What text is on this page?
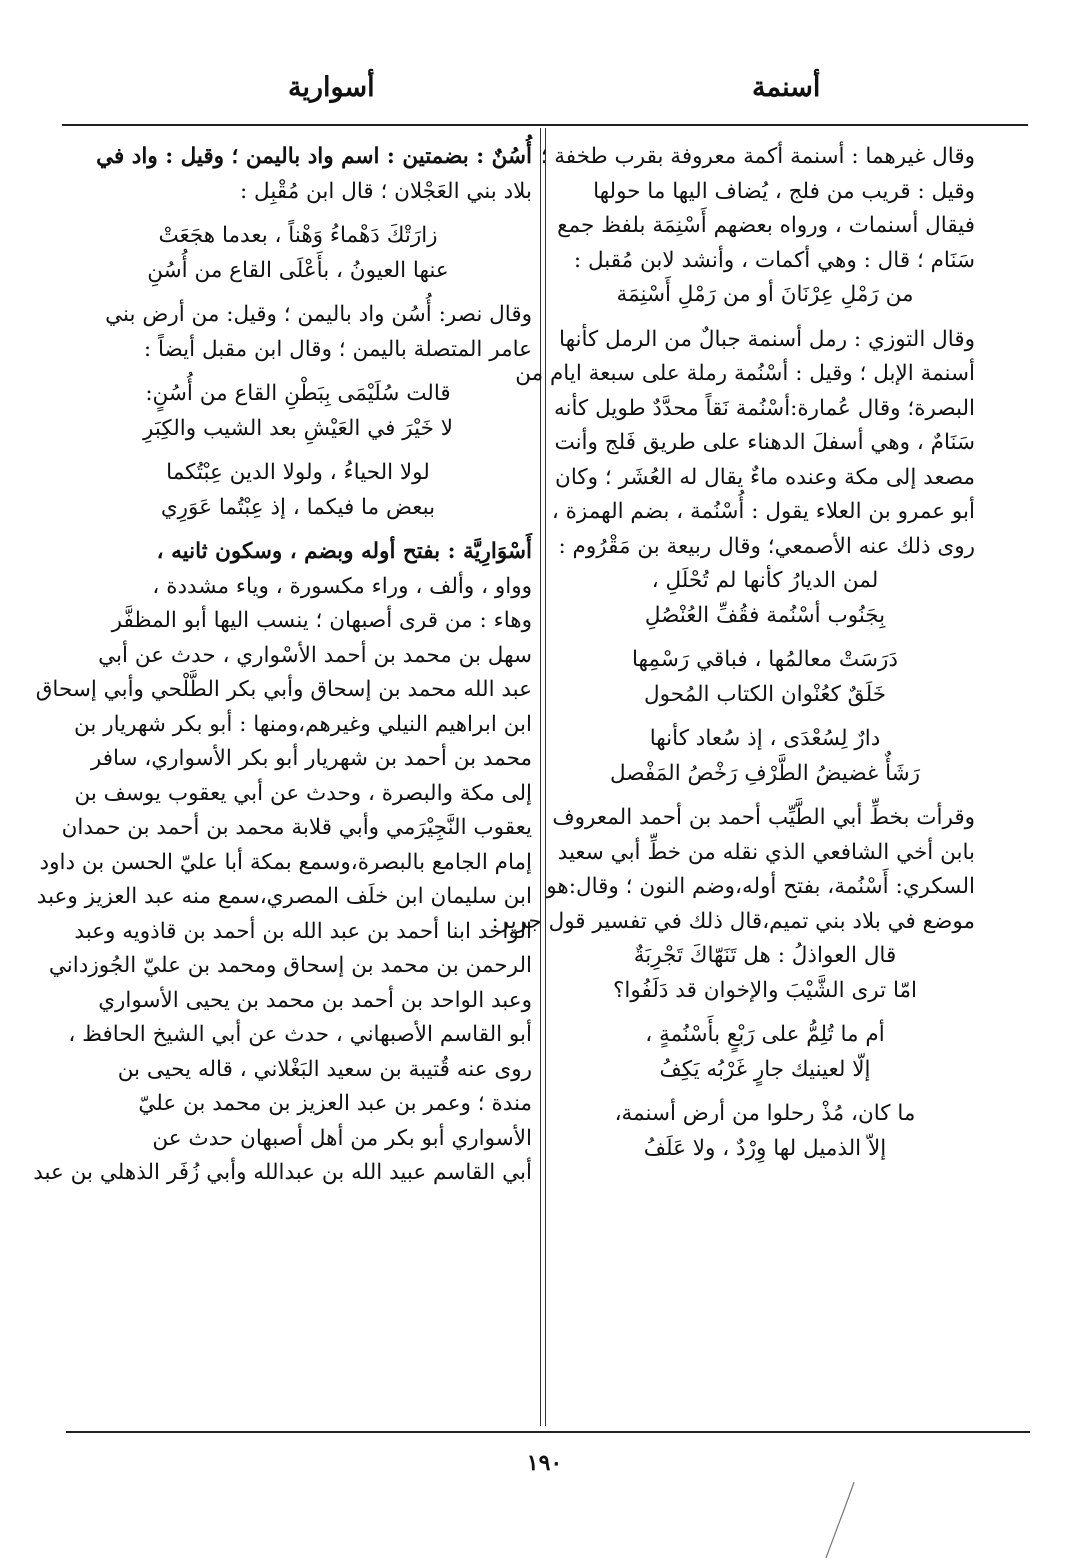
أسنمة
أسوارية
وقال غيرهما : أسنمة أكمة معروفة بقرب طخفة ؛
وقيل : قريب من فلج ، يُضاف اليها ما حولها
فيقال أسنمات ، ورواه بعضهم أَسْنِمَة بلفظ جمع
سَنَام ؛ قال : وهي أكمات ، وأنشد لابن مُقبل :
من رَمْلِ عِرْنَانَ أو من رَمْلِ أَسْنِمَة
وقال التوزي : رمل أسنمة جبالٌ من الرمل كأنها
أسنمة الإبل ؛ وقيل : أسْنُمة رملة على سبعة ايام من
البصرة؛ وقال عُمارة:أسْنُمة نَقاً محدَّدٌ طويل كأنه
سَنَامٌ ، وهي أسفلَ الدهناء على طريق فَلج وأنت
مصعد إلى مكة وعنده ماءٌ يقال له العُشَر ؛ وكان
أبو عمرو بن العلاء يقول : أُسْنُمة ، بضم الهمزة ،
روى ذلك عنه الأصمعي؛ وقال ربيعة بن مَقْرُوم :
لمن الديارُ كأنها لم تُحْلَلِ ،
بِجَنُوب أسْنُمة فقُفِّ العُنْصُلِ
دَرَسَتْ معالمُها ، فباقي رَسْمِها
خَلَقٌ كعُنْوان الكتاب المُحول
دارٌ لِسُعْدَى ، إذ سُعاد كأنها
رَشَأٌ غضيضُ الطَّرْفِ رَخْصُ المَفْصل
وقرأت بخطِّ أبي الطَّيِّب أحمد بن أحمد المعروف
بابن أخي الشافعي الذي نقله من خطِّ أبي سعيد
السكري: أَسْنُمة، بفتح أوله،وضم النون ؛ وقال:هو
موضع في بلاد بني تميم،قال ذلك في تفسير قول جرير:
قال العواذلُ : هل تَنَهّاكَ تَجْرِبَةٌ
امّا ترى الشَّيْبَ والإخوان قد دَلَفُوا؟
أم ما تُلِمُّ على رَبْعٍ بأَسْنُمةٍ ،
إلّا لعينيك جارٍ غَرْبُه يَكِفُ
ما كان، مُذْ رحلوا من أرض أسنمة،
إلاّ الذميل لها وِرْدٌ ، ولا عَلَفُ
أُسُنٌ : بضمتين : اسم واد باليمن ؛ وقيل : واد في
بلاد بني العَجْلان ؛ قال ابن مُقْبِل :
زارَتْكَ دَهْماءُ وَهْناً ، بعدما هجَعَتْ
عنها العيونُ ، بأَعْلَى القاع من أُسُنِ
وقال نصر: أُسُن واد باليمن ؛ وقيل: من أرض بني
عامر المتصلة باليمن ؛ وقال ابن مقبل أيضاً :
قالت سُلَيْمَى بِبَطْنِ القاع من أُسُنٍ:
لا خَيْرَ في العَيْشِ بعد الشيب والكِبَرِ
لولا الحياءُ ، ولولا الدين عِبْتُكما
ببعض ما فيكما ، إذ عِبْتُما عَوَرِي
أَسْوَارِيَّة : بفتح أوله وبضم ، وسكون ثانيه ،
وواو ، وألف ، وراء مكسورة ، وياء مشددة ،
وهاء : من قرى أصبهان ؛ ينسب اليها أبو المظفَّر
سهل بن محمد بن أحمد الأسْواري ، حدث عن أبي
عبد الله محمد بن إسحاق وأبي بكر الطَّلْحي وأبي إسحاق
ابن ابراهيم النيلي وغيرهم،ومنها : أبو بكر شهريار بن
محمد بن أحمد بن شهريار أبو بكر الأسواري، سافر
إلى مكة والبصرة ، وحدث عن أبي يعقوب يوسف بن
يعقوب النَّجِيْرَمي وأبي قلابة محمد بن أحمد بن حمدان
إمام الجامع بالبصرة،وسمع بمكة أبا عليّ الحسن بن داود
ابن سليمان ابن خلَف المصري،سمع منه عبد العزيز وعبد
الواحد ابنا أحمد بن عبد الله بن أحمد بن قاذويه وعبد
الرحمن بن محمد بن إسحاق ومحمد بن عليّ الجُوزداني
وعبد الواحد بن أحمد بن محمد بن يحيى الأسواري
أبو القاسم الأصبهاني ، حدث عن أبي الشيخ الحافظ ،
روى عنه قُتيبة بن سعيد البَغْلاني ، قاله يحيى بن
مندة ؛ وعمر بن عبد العزيز بن محمد بن عليّ
الأسواري أبو بكر من أهل أصبهان حدث عن
أبي القاسم عبيد الله بن عبدالله وأبي زُفَر الذهلي بن عبد
١٩٠
